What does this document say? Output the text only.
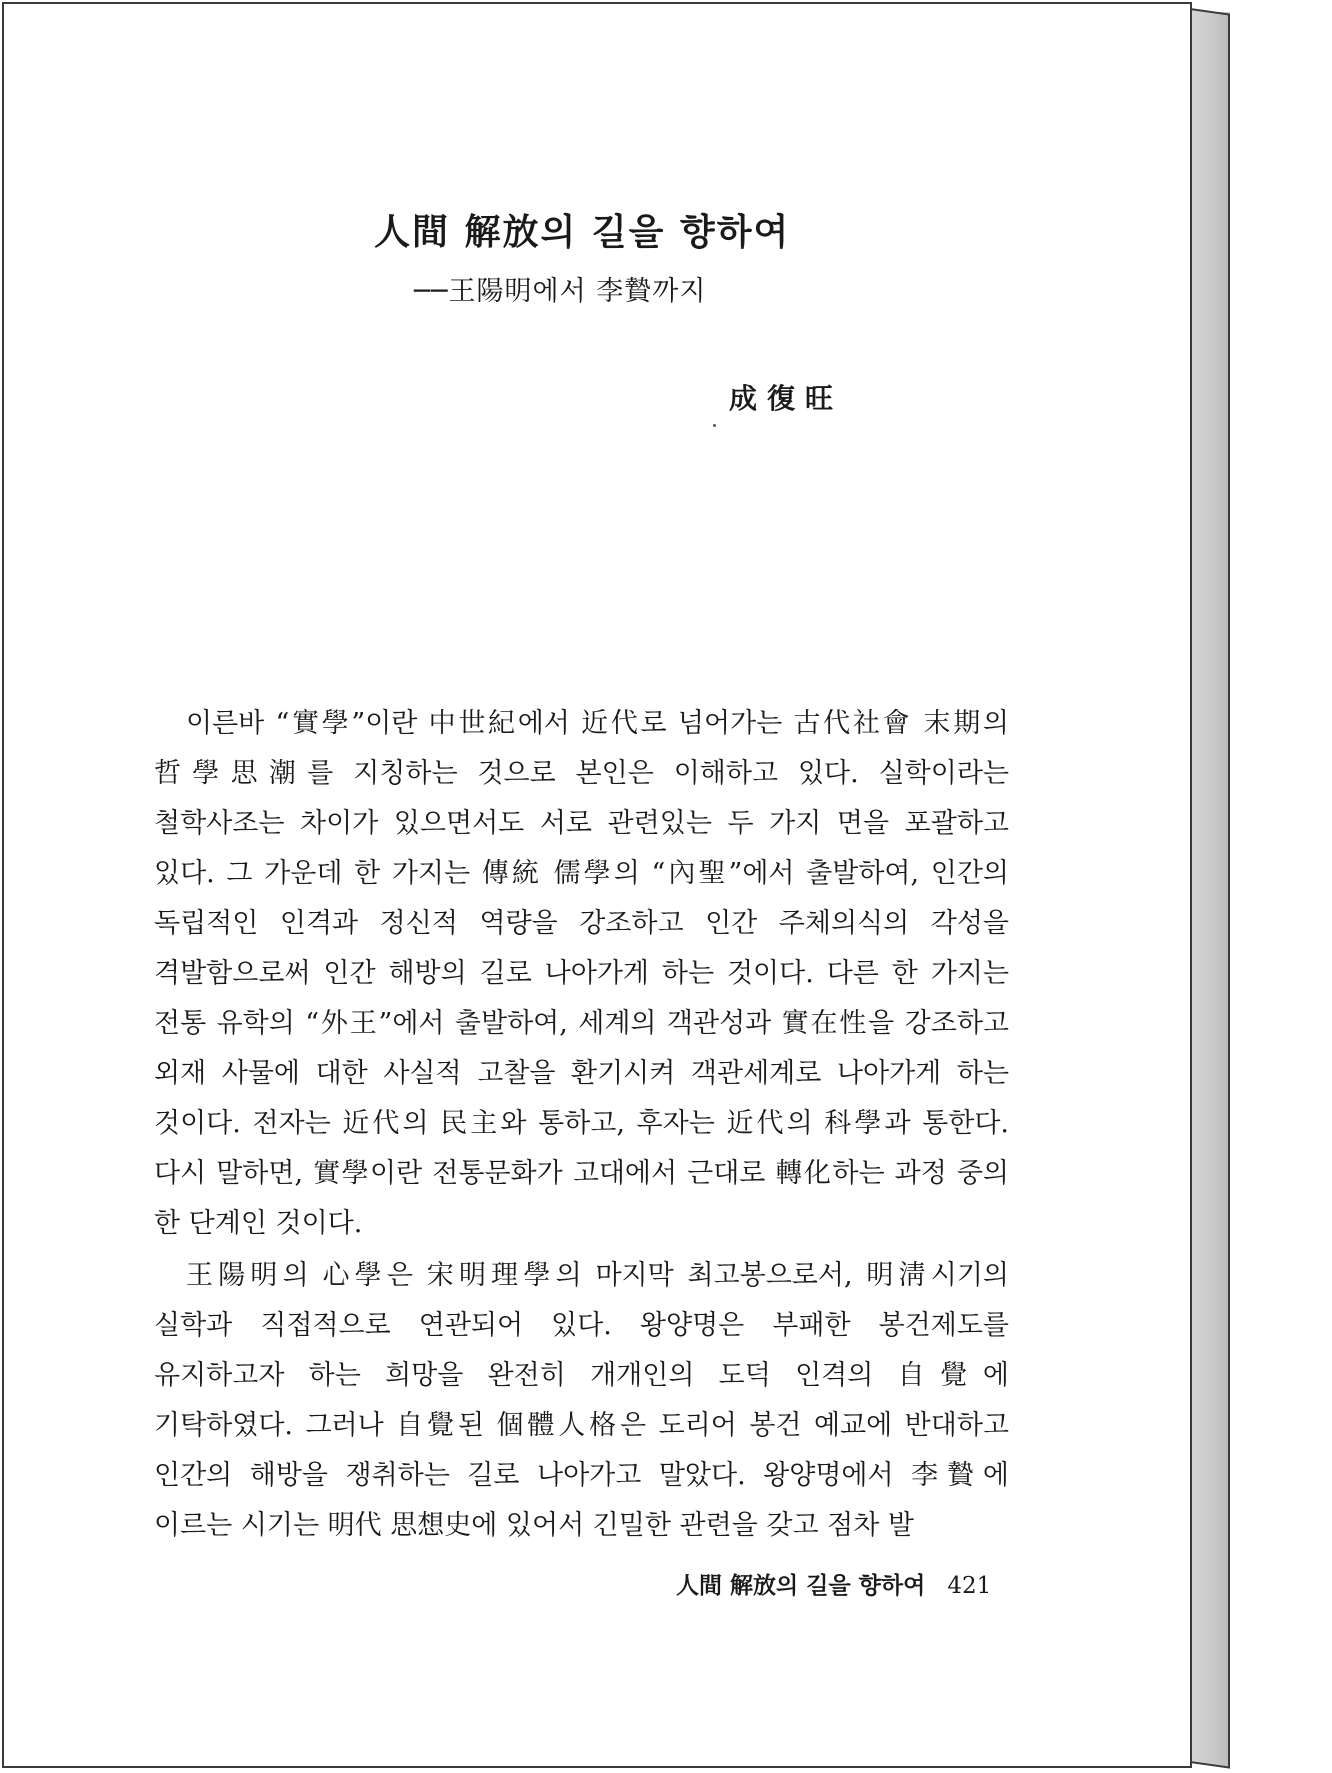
人間 解放의 길을 향하여
──王陽明에서 李贄까지
成復旺

이른바 “實學”이란 中世紀에서 近代로 넘어가는 古代社會 末期의 哲學思潮를 지칭하는 것으로 본인은 이해하고 있다. 실학이라는 철학사조는 차이가 있으면서도 서로 관련있는 두 가지 면을 포괄하고 있다. 그 가운데 한 가지는 傳統 儒學의 “內聖”에서 출발하여, 인간의 독립적인 인격과 정신적 역량을 강조하고 인간 주체의식의 각성을 격발함으로써 인간 해방의 길로 나아가게 하는 것이다. 다른 한 가지는 전통 유학의 “外王”에서 출발하여, 세계의 객관성과 實在性을 강조하고 외재 사물에 대한 사실적 고찰을 환기시켜 객관세계로 나아가게 하는 것이다. 전자는 近代의 民主와 통하고, 후자는 近代의 科學과 통한다. 다시 말하면, 實學이란 전통문화가 고대에서 근대로 轉化하는 과정 중의 한 단계인 것이다.

王陽明의 心學은 宋明理學의 마지막 최고봉으로서, 明淸시기의 실학과 직접적으로 연관되어 있다. 왕양명은 부패한 봉건제도를 유지하고자 하는 희망을 완전히 개개인의 도덕 인격의 自覺에 기탁하였다. 그러나 自覺된 個體人格은 도리어 봉건 예교에 반대하고 인간의 해방을 쟁취하는 길로 나아가고 말았다. 왕양명에서 李贄에 이르는 시기는 明代 思想史에 있어서 긴밀한 관련을 갖고 점차 발

人間 解放의 길을 향하여 421
